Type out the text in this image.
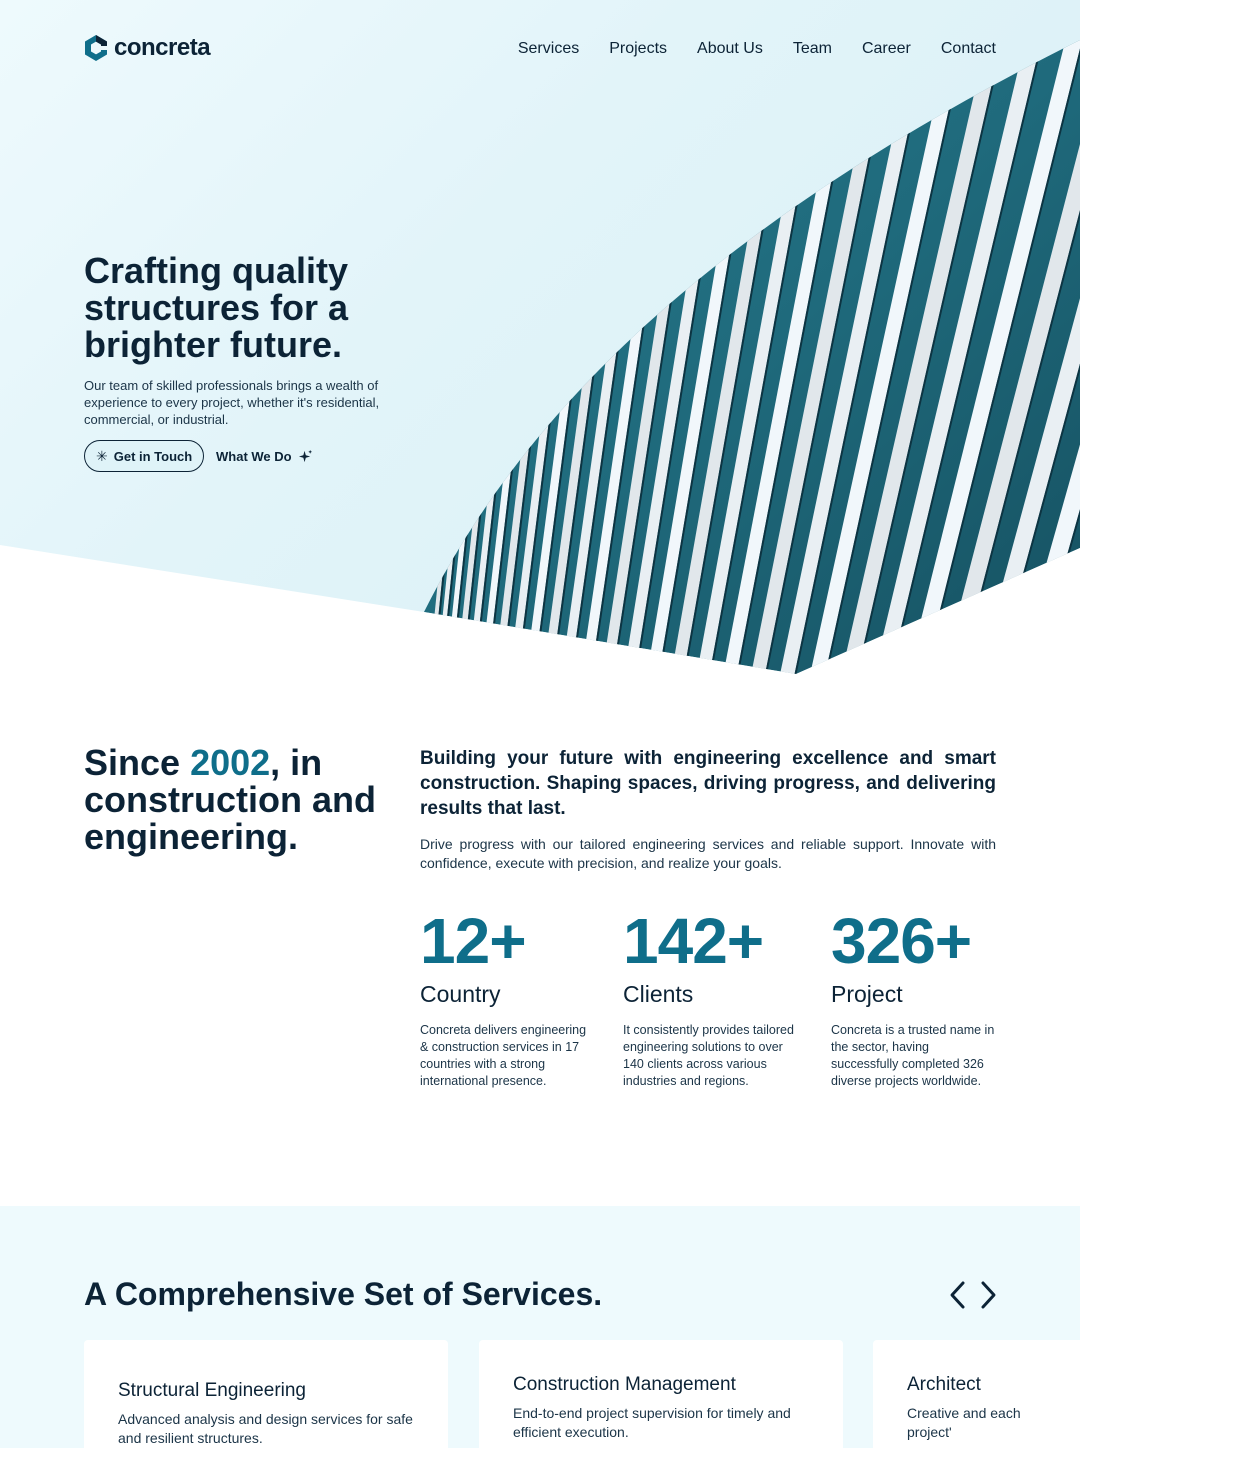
concreta	Services Projects About Us Team Career Contact
Crafting quality structures for a brighter future.

Our team of skilled professionals brings a wealth of experience to every project, whether it's residential, commercial, or industrial.

✳ Get in Touch What We Do
Since 2002, in construction and engineering.

Building your future with engineering excellence and smart construction. Shaping spaces, driving progress, and delivering results that last.

Drive progress with our tailored engineering services and reliable support. Innovate with confidence, execute with precision, and realize your goals.

12+
Country
Concreta delivers engineering & construction services in 17 countries with a strong international presence.
142+
Clients
It consistently provides tailored engineering solutions to over 140 clients across various industries and regions.
326+
Project
Concreta is a trusted name in the sector, having successfully completed 326 diverse projects worldwide.
A Comprehensive Set of Services.
Structural Engineering
Advanced analysis and design services for safe and resilient structures.
Construction Management
End-to-end project supervision for timely and efficient execution.
Architect
Creative and each project'
